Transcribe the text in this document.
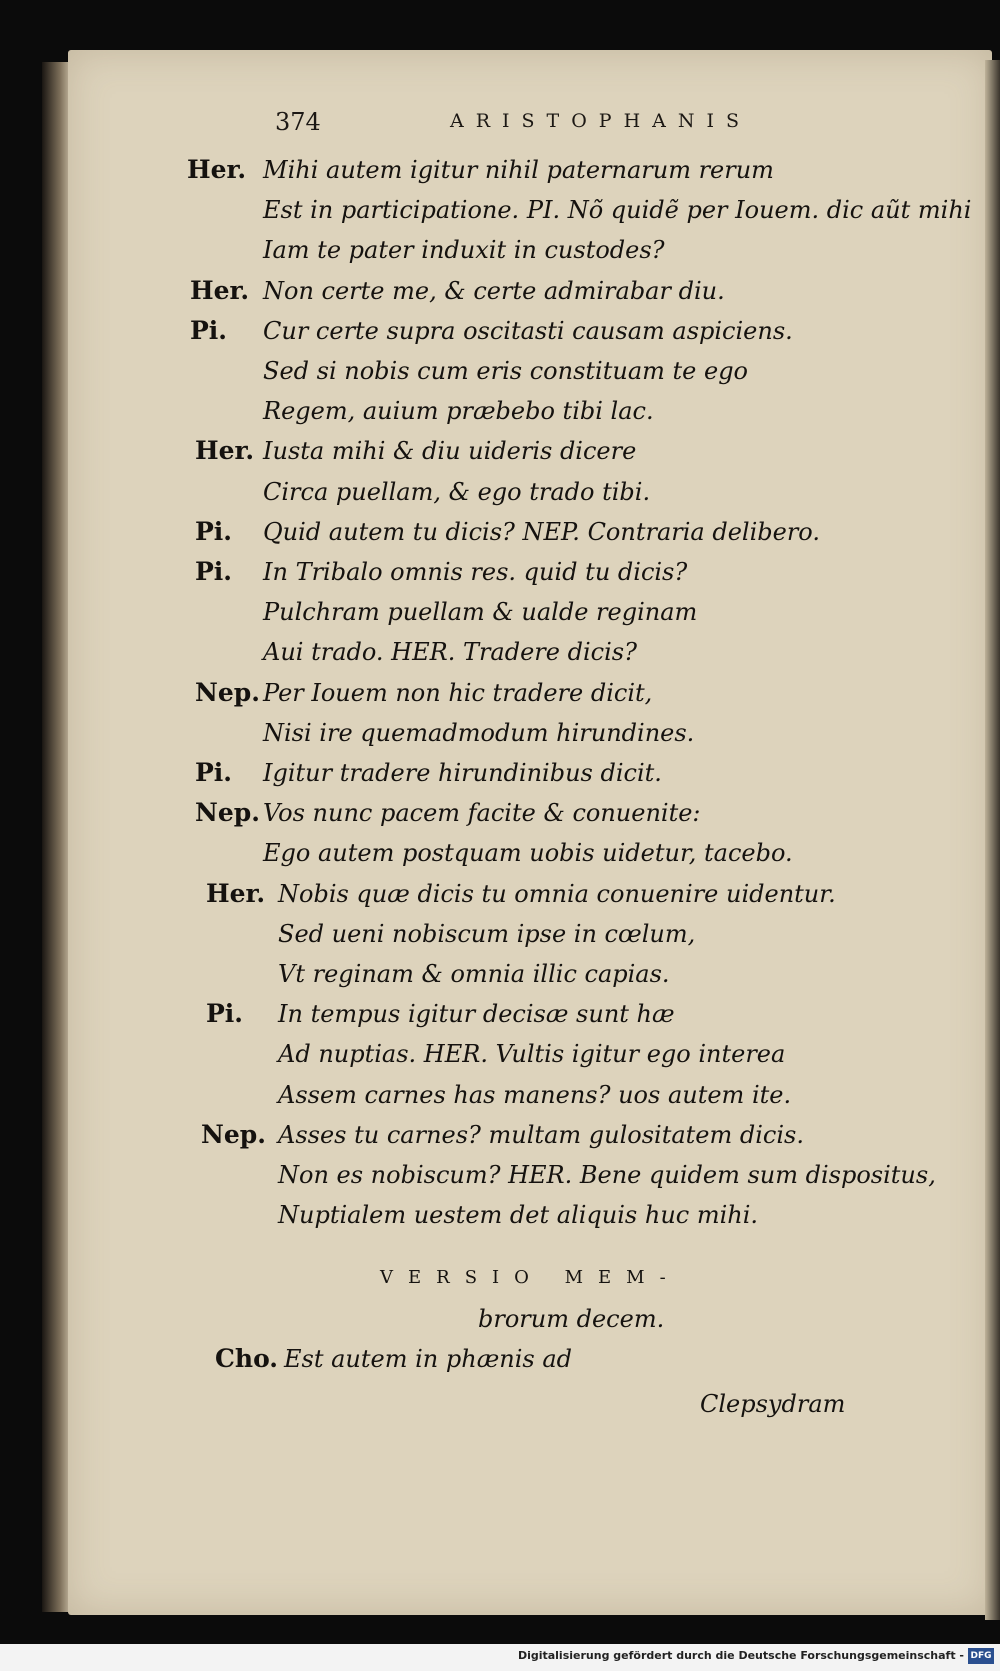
374	ARISTOPHANIS
Her. Mihi autem igitur nihil paternarum rerum
Est in participatione. PI. Nõ quidẽ per Iouem. dic aũt mihi
Iam te pater induxit in custodes?
Her. Non certe me, & certe admirabar diu.
Pi. Cur certe supra oscitasti causam aspiciens.
Sed si nobis cum eris constituam te ego
Regem, auium præbebo tibi lac.
Her. Iusta mihi & diu uideris dicere
Circa puellam, & ego trado tibi.
Pi. Quid autem tu dicis? NEP. Contraria delibero.
Pi. In Tribalo omnis res. quid tu dicis?
Pulchram puellam & ualde reginam
Aui trado. HER. Tradere dicis?
Nep. Per Iouem non hic tradere dicit,
Nisi ire quemadmodum hirundines.
Pi. Igitur tradere hirundinibus dicit.
Nep. Vos nunc pacem facite & conuenite:
Ego autem postquam uobis uidetur, tacebo.
Her. Nobis quæ dicis tu omnia conuenire uidentur.
Sed ueni nobiscum ipse in cœlum,
Vt reginam & omnia illic capias.
Pi. In tempus igitur decisæ sunt hæ
Ad nuptias. HER. Vultis igitur ego interea
Assem carnes has manens? uos autem ite.
Nep. Asses tu carnes? multam gulositatem dicis.
Non es nobiscum? HER. Bene quidem sum dispositus,
Nuptialem uestem det aliquis huc mihi.
VERSIO MEM-
brorum decem.
Cho. Est autem in phænis ad
Clepsydram
Digitalisierung gefördert durch die Deutsche Forschungsgemeinschaft - DFG
